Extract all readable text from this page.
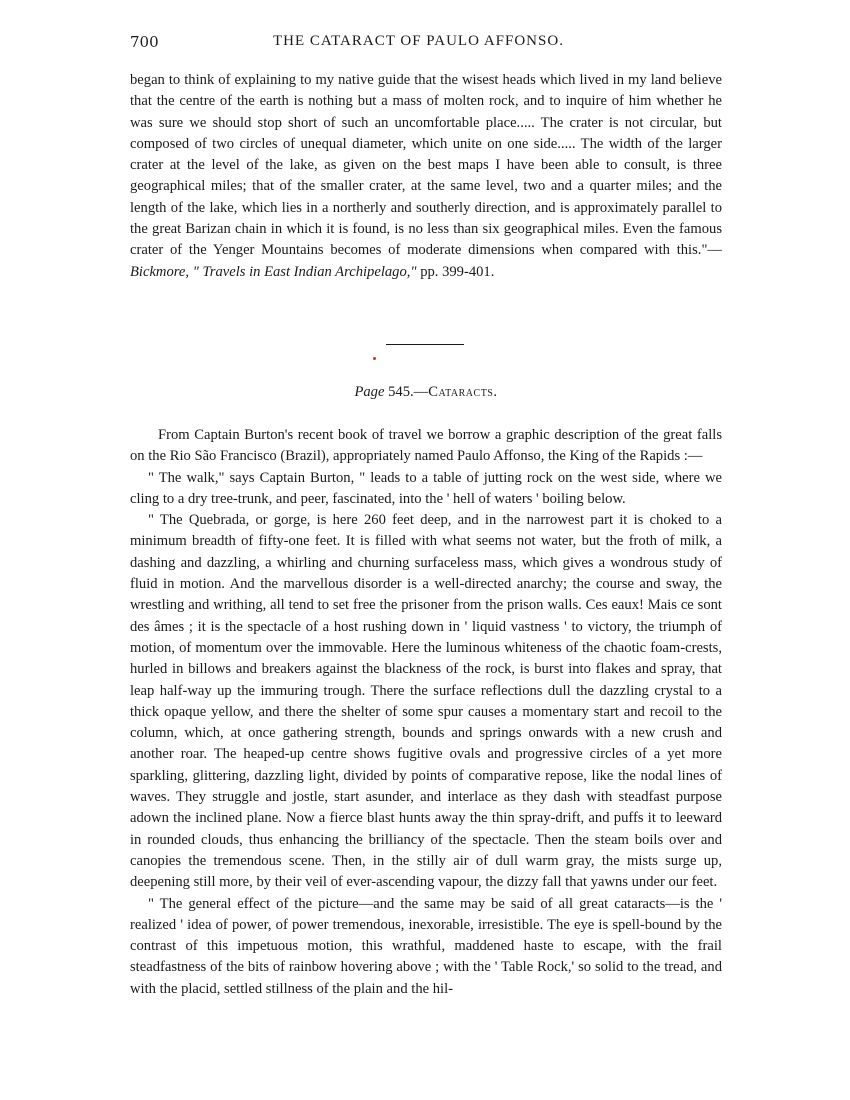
700	THE CATARACT OF PAULO AFFONSO.
began to think of explaining to my native guide that the wisest heads which lived in my land believe that the centre of the earth is nothing but a mass of molten rock, and to inquire of him whether he was sure we should stop short of such an uncomfortable place..... The crater is not circular, but composed of two circles of unequal diameter, which unite on one side..... The width of the larger crater at the level of the lake, as given on the best maps I have been able to consult, is three geographical miles; that of the smaller crater, at the same level, two and a quarter miles; and the length of the lake, which lies in a northerly and southerly direction, and is approximately parallel to the great Barizan chain in which it is found, is no less than six geographical miles. Even the famous crater of the Yenger Mountains becomes of moderate dimensions when compared with this."—Bickmore, " Travels in East Indian Archipelago," pp. 399-401.
Page 545.—Cataracts.

From Captain Burton's recent book of travel we borrow a graphic description of the great falls on the Rio São Francisco (Brazil), appropriately named Paulo Affonso, the King of the Rapids :—

" The walk," says Captain Burton, " leads to a table of jutting rock on the west side, where we cling to a dry tree-trunk, and peer, fascinated, into the ' hell of waters ' boiling below.

" The Quebrada, or gorge, is here 260 feet deep, and in the narrowest part it is choked to a minimum breadth of fifty-one feet. It is filled with what seems not water, but the froth of milk, a dashing and dazzling, a whirling and churning surfaceless mass, which gives a wondrous study of fluid in motion. And the marvellous disorder is a well-directed anarchy; the course and sway, the wrestling and writhing, all tend to set free the prisoner from the prison walls. Ces eaux! Mais ce sont des âmes ; it is the spectacle of a host rushing down in ' liquid vastness ' to victory, the triumph of motion, of momentum over the immovable. Here the luminous whiteness of the chaotic foam-crests, hurled in billows and breakers against the blackness of the rock, is burst into flakes and spray, that leap half-way up the immuring trough. There the surface reflections dull the dazzling crystal to a thick opaque yellow, and there the shelter of some spur causes a momentary start and recoil to the column, which, at once gathering strength, bounds and springs onwards with a new crush and another roar. The heaped-up centre shows fugitive ovals and progressive circles of a yet more sparkling, glittering, dazzling light, divided by points of comparative repose, like the nodal lines of waves. They struggle and jostle, start asunder, and interlace as they dash with steadfast purpose adown the inclined plane. Now a fierce blast hunts away the thin spray-drift, and puffs it to leeward in rounded clouds, thus enhancing the brilliancy of the spectacle. Then the steam boils over and canopies the tremendous scene. Then, in the stilly air of dull warm gray, the mists surge up, deepening still more, by their veil of ever-ascending vapour, the dizzy fall that yawns under our feet.

" The general effect of the picture—and the same may be said of all great cataracts—is the ' realized ' idea of power, of power tremendous, inexorable, irresistible. The eye is spell-bound by the contrast of this impetuous motion, this wrathful, maddened haste to escape, with the frail steadfastness of the bits of rainbow hovering above ; with the ' Table Rock,' so solid to the tread, and with the placid, settled stillness of the plain and the hil-
